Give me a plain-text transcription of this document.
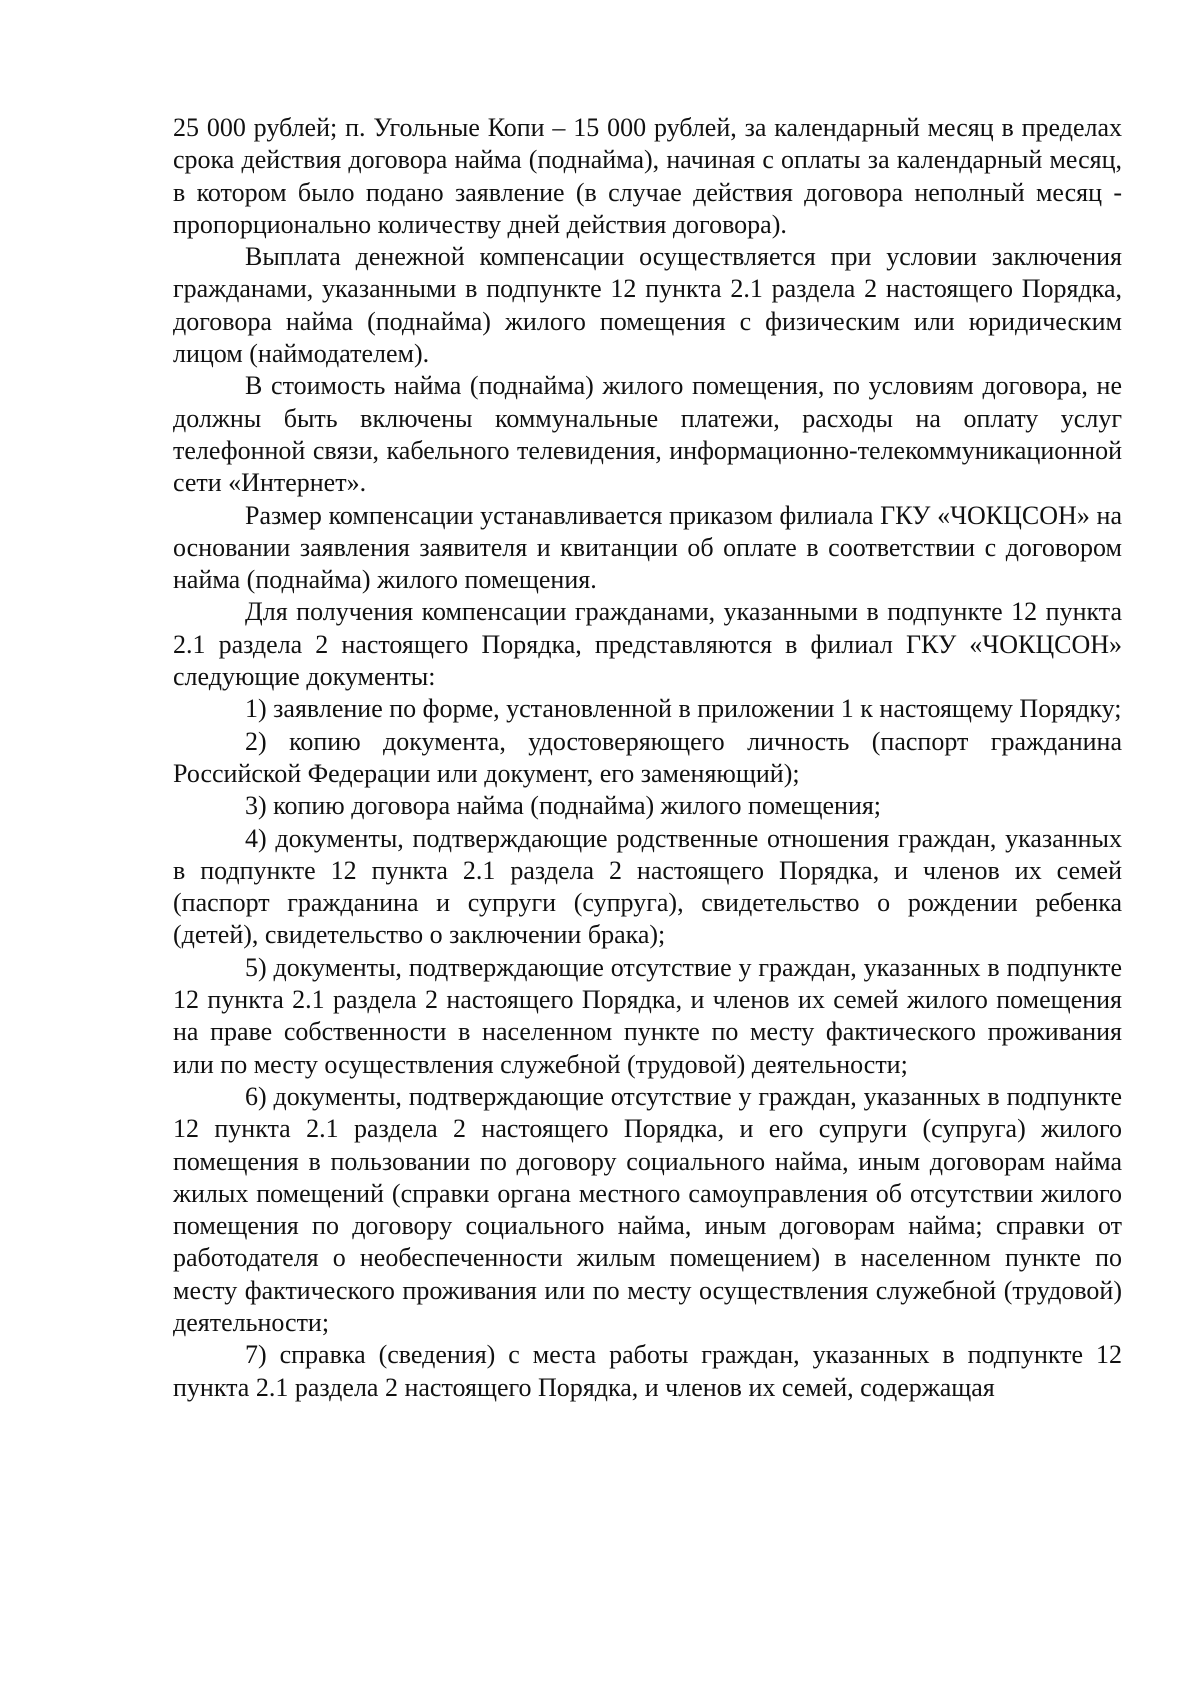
25 000 рублей; п. Угольные Копи – 15 000 рублей, за календарный месяц в пределах срока действия договора найма (поднайма), начиная с оплаты за календарный месяц, в котором было подано заявление (в случае действия договора неполный месяц - пропорционально количеству дней действия договора).

Выплата денежной компенсации осуществляется при условии заключения гражданами, указанными в подпункте 12 пункта 2.1 раздела 2 настоящего Порядка, договора найма (поднайма) жилого помещения с физическим или юридическим лицом (наймодателем).

В стоимость найма (поднайма) жилого помещения, по условиям договора, не должны быть включены коммунальные платежи, расходы на оплату услуг телефонной связи, кабельного телевидения, информационно-телекоммуникационной сети «Интернет».

Размер компенсации устанавливается приказом филиала ГКУ «ЧОКЦСОН» на основании заявления заявителя и квитанции об оплате в соответствии с договором найма (поднайма) жилого помещения.

Для получения компенсации гражданами, указанными в подпункте 12 пункта 2.1 раздела 2 настоящего Порядка, представляются в филиал ГКУ «ЧОКЦСОН» следующие документы:

1) заявление по форме, установленной в приложении 1 к настоящему Порядку;

2) копию документа, удостоверяющего личность (паспорт гражданина Российской Федерации или документ, его заменяющий);

3) копию договора найма (поднайма) жилого помещения;

4) документы, подтверждающие родственные отношения граждан, указанных в подпункте 12 пункта 2.1 раздела 2 настоящего Порядка, и членов их семей (паспорт гражданина и супруги (супруга), свидетельство о рождении ребенка (детей), свидетельство о заключении брака);

5) документы, подтверждающие отсутствие у граждан, указанных в подпункте 12 пункта 2.1 раздела 2 настоящего Порядка, и членов их семей жилого помещения на праве собственности в населенном пункте по месту фактического проживания или по месту осуществления служебной (трудовой) деятельности;

6) документы, подтверждающие отсутствие у граждан, указанных в подпункте 12 пункта 2.1 раздела 2 настоящего Порядка, и его супруги (супруга) жилого помещения в пользовании по договору социального найма, иным договорам найма жилых помещений (справки органа местного самоуправления об отсутствии жилого помещения по договору социального найма, иным договорам найма; справки от работодателя о необеспеченности жилым помещением) в населенном пункте по месту фактического проживания или по месту осуществления служебной (трудовой) деятельности;

7) справка (сведения) с места работы граждан, указанных в подпункте 12 пункта 2.1 раздела 2 настоящего Порядка, и членов их семей, содержащая
